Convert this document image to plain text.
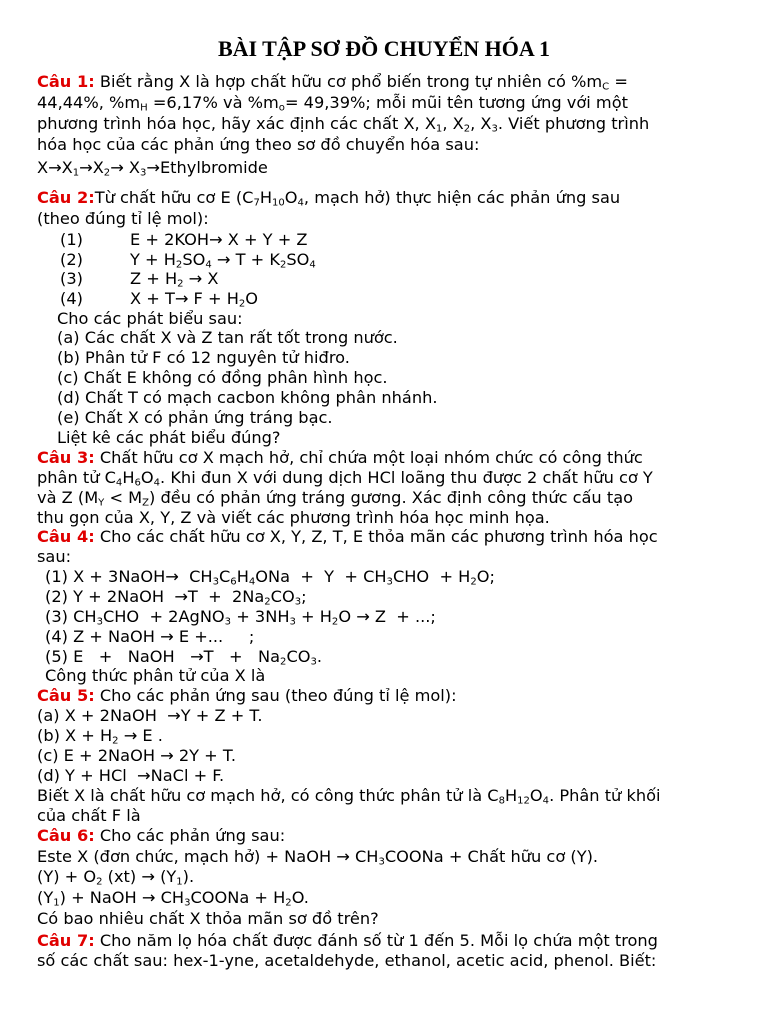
BÀI TẬP SƠ ĐỒ CHUYỂN HÓA 1
Câu 1: Biết rằng X là hợp chất hữu cơ phổ biến trong tự nhiên có $\%m_C$ =
44,44%, $\%m_H =6,17\%$ và $\%m_o= 49,39\%$; mỗi mũi tên tương ứng với một
phương trình hóa học, hãy xác định các chất X, $X_1$, $X_2$, $X_3$. Viết phương trình
hóa học của các phản ứng theo sơ đồ chuyển hóa sau:
$X\to X_1\to X_2\to$ $X_3\to Ethylbromide$
Câu 2:Từ chất hữu cơ E ($C_7H_{10}O_4$, mạch hở) thực hiện các phản ứng sau
(theo đúng tỉ lệ mol):
(1)	E + 2KOH→ X + Y + Z
(2)	$Y + H_2SO_4 \to T + K_2SO_4$
(3)	$Z + H_2 \to X$
(4)	$X + T\to F + H_2O$
Cho các phát biểu sau:
(a) Các chất X và Z tan rất tốt trong nước.
(b) Phân tử F có 12 nguyên tử hiđro.
(c) Chất E không có đồng phân hình học.
(d) Chất T có mạch cacbon không phân nhánh.
(e) Chất X có phản ứng tráng bạc.
Liệt kê các phát biểu đúng?
Câu 3: Chất hữu cơ X mạch hở, chỉ chứa một loại nhóm chức có công thức
phân tử $C_4H_6O_4$. Khi đun X với dung dịch HCl loãng thu được 2 chất hữu cơ Y
và Z $(M_Y < M_Z)$ đều có phản ứng tráng gương. Xác định công thức cấu tạo
thu gọn của X, Y, Z và viết các phương trình hóa học minh họa.
Câu 4: Cho các chất hữu cơ X, Y, Z, T, E thỏa mãn các phương trình hóa học
sau:
(1) X + 3NaOH→  $CH_3C_6H_4ONa + Y + CH_3CHO + H_2O$;
(2) Y + 2NaOH  $\to T + 2Na_2CO_3$;
(3) $CH_3CHO$  + 2AgNO$_3$ + $3NH_3 + H_2O \to Z$  + ...;
(4) Z + NaOH → E +...     ;
(5) E   +   NaOH   $\to T + Na_2CO_3$.
Công thức phân tử của X là
Câu 5: Cho các phản ứng sau (theo đúng tỉ lệ mol):
(a) X + 2NaOH  →Y + Z + T.
(b) $X + H_2 \to E$ .
(c) E + 2NaOH → 2Y + T.
(d) Y + HCl  →NaCl + F.
Biết X là chất hữu cơ mạch hở, có công thức phân tử là $C_8H_{12}O_4$. Phân tử khối
của chất F là
Câu 6: Cho các phản ứng sau:
Este X (đơn chức, mạch hở) + NaOH → $CH_3COONa$ + Chất hữu cơ (Y).
$(Y) + O_2$ $(xt) \to (Y_1)$.
$(Y_1)$ + NaOH → $CH_3COONa + H_2O$.
Có bao nhiêu chất X thỏa mãn sơ đồ trên?
Câu 7: Cho năm lọ hóa chất được đánh số từ 1 đến 5. Mỗi lọ chứa một trong
số các chất sau: hex-1-yne, acetaldehyde, ethanol, acetic acid, phenol. Biết:
